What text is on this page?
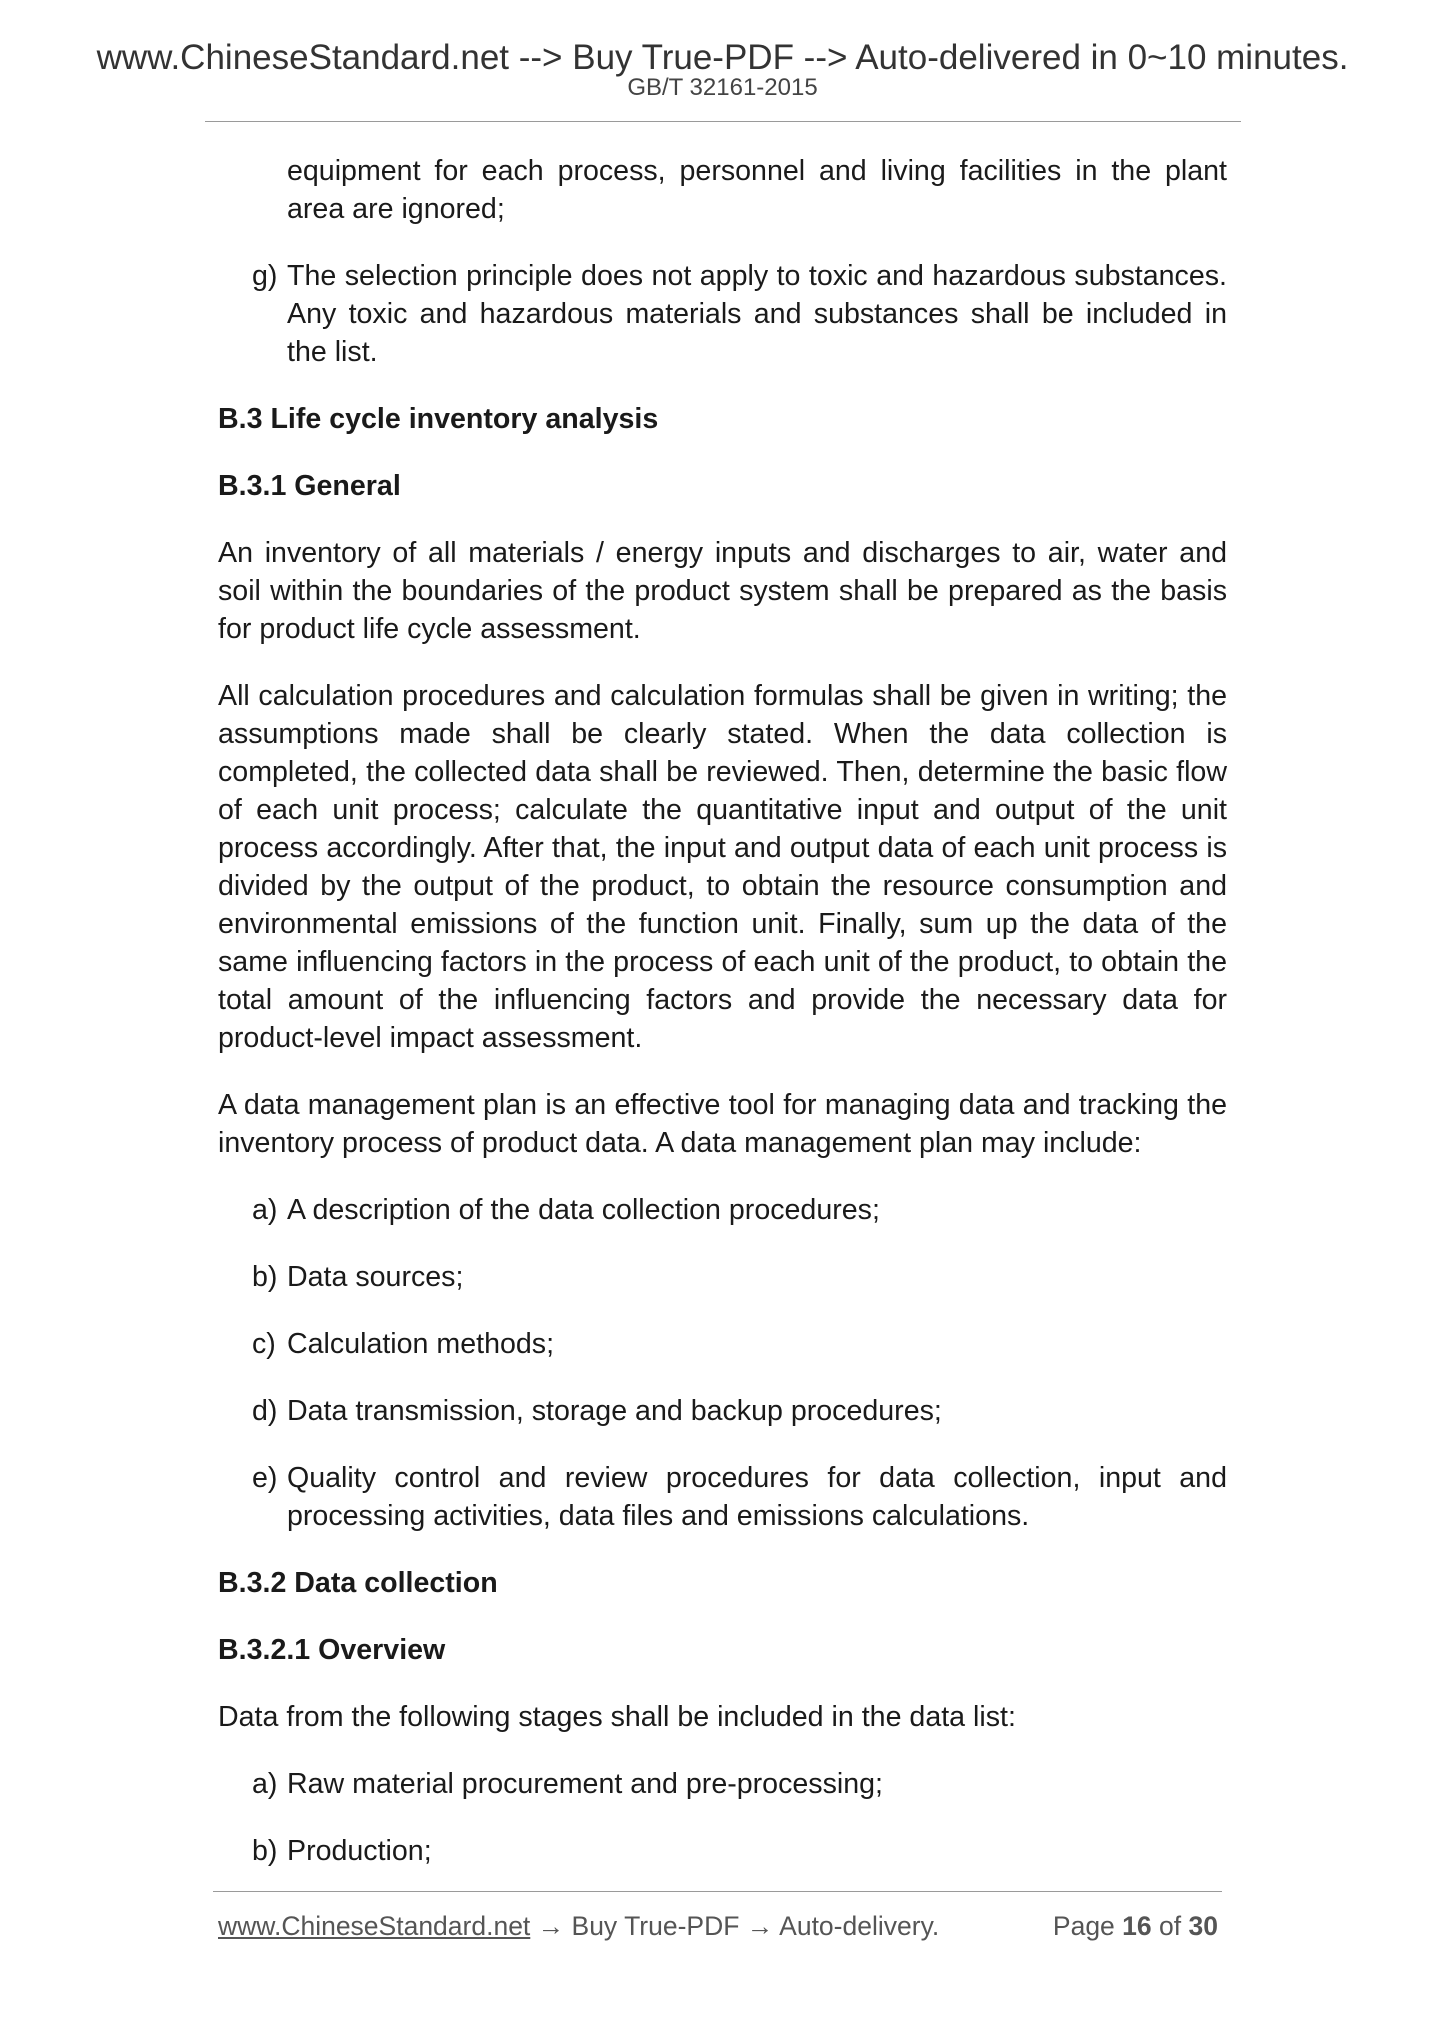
www.ChineseStandard.net --> Buy True-PDF --> Auto-delivered in 0~10 minutes.
GB/T 32161-2015
equipment for each process, personnel and living facilities in the plant area are ignored;
g) The selection principle does not apply to toxic and hazardous substances. Any toxic and hazardous materials and substances shall be included in the list.
B.3 Life cycle inventory analysis
B.3.1 General

An inventory of all materials / energy inputs and discharges to air, water and soil within the boundaries of the product system shall be prepared as the basis for product life cycle assessment.

All calculation procedures and calculation formulas shall be given in writing; the assumptions made shall be clearly stated. When the data collection is completed, the collected data shall be reviewed. Then, determine the basic flow of each unit process; calculate the quantitative input and output of the unit process accordingly. After that, the input and output data of each unit process is divided by the output of the product, to obtain the resource consumption and environmental emissions of the function unit. Finally, sum up the data of the same influencing factors in the process of each unit of the product, to obtain the total amount of the influencing factors and provide the necessary data for product-level impact assessment.

A data management plan is an effective tool for managing data and tracking the inventory process of product data. A data management plan may include:

a) A description of the data collection procedures;
b) Data sources;
c) Calculation methods;
d) Data transmission, storage and backup procedures;
e) Quality control and review procedures for data collection, input and processing activities, data files and emissions calculations.
B.3.2 Data collection
B.3.2.1 Overview

Data from the following stages shall be included in the data list:

a) Raw material procurement and pre-processing;
b) Production;
www.ChineseStandard.net → Buy True-PDF → Auto-delivery.	Page 16 of 30
